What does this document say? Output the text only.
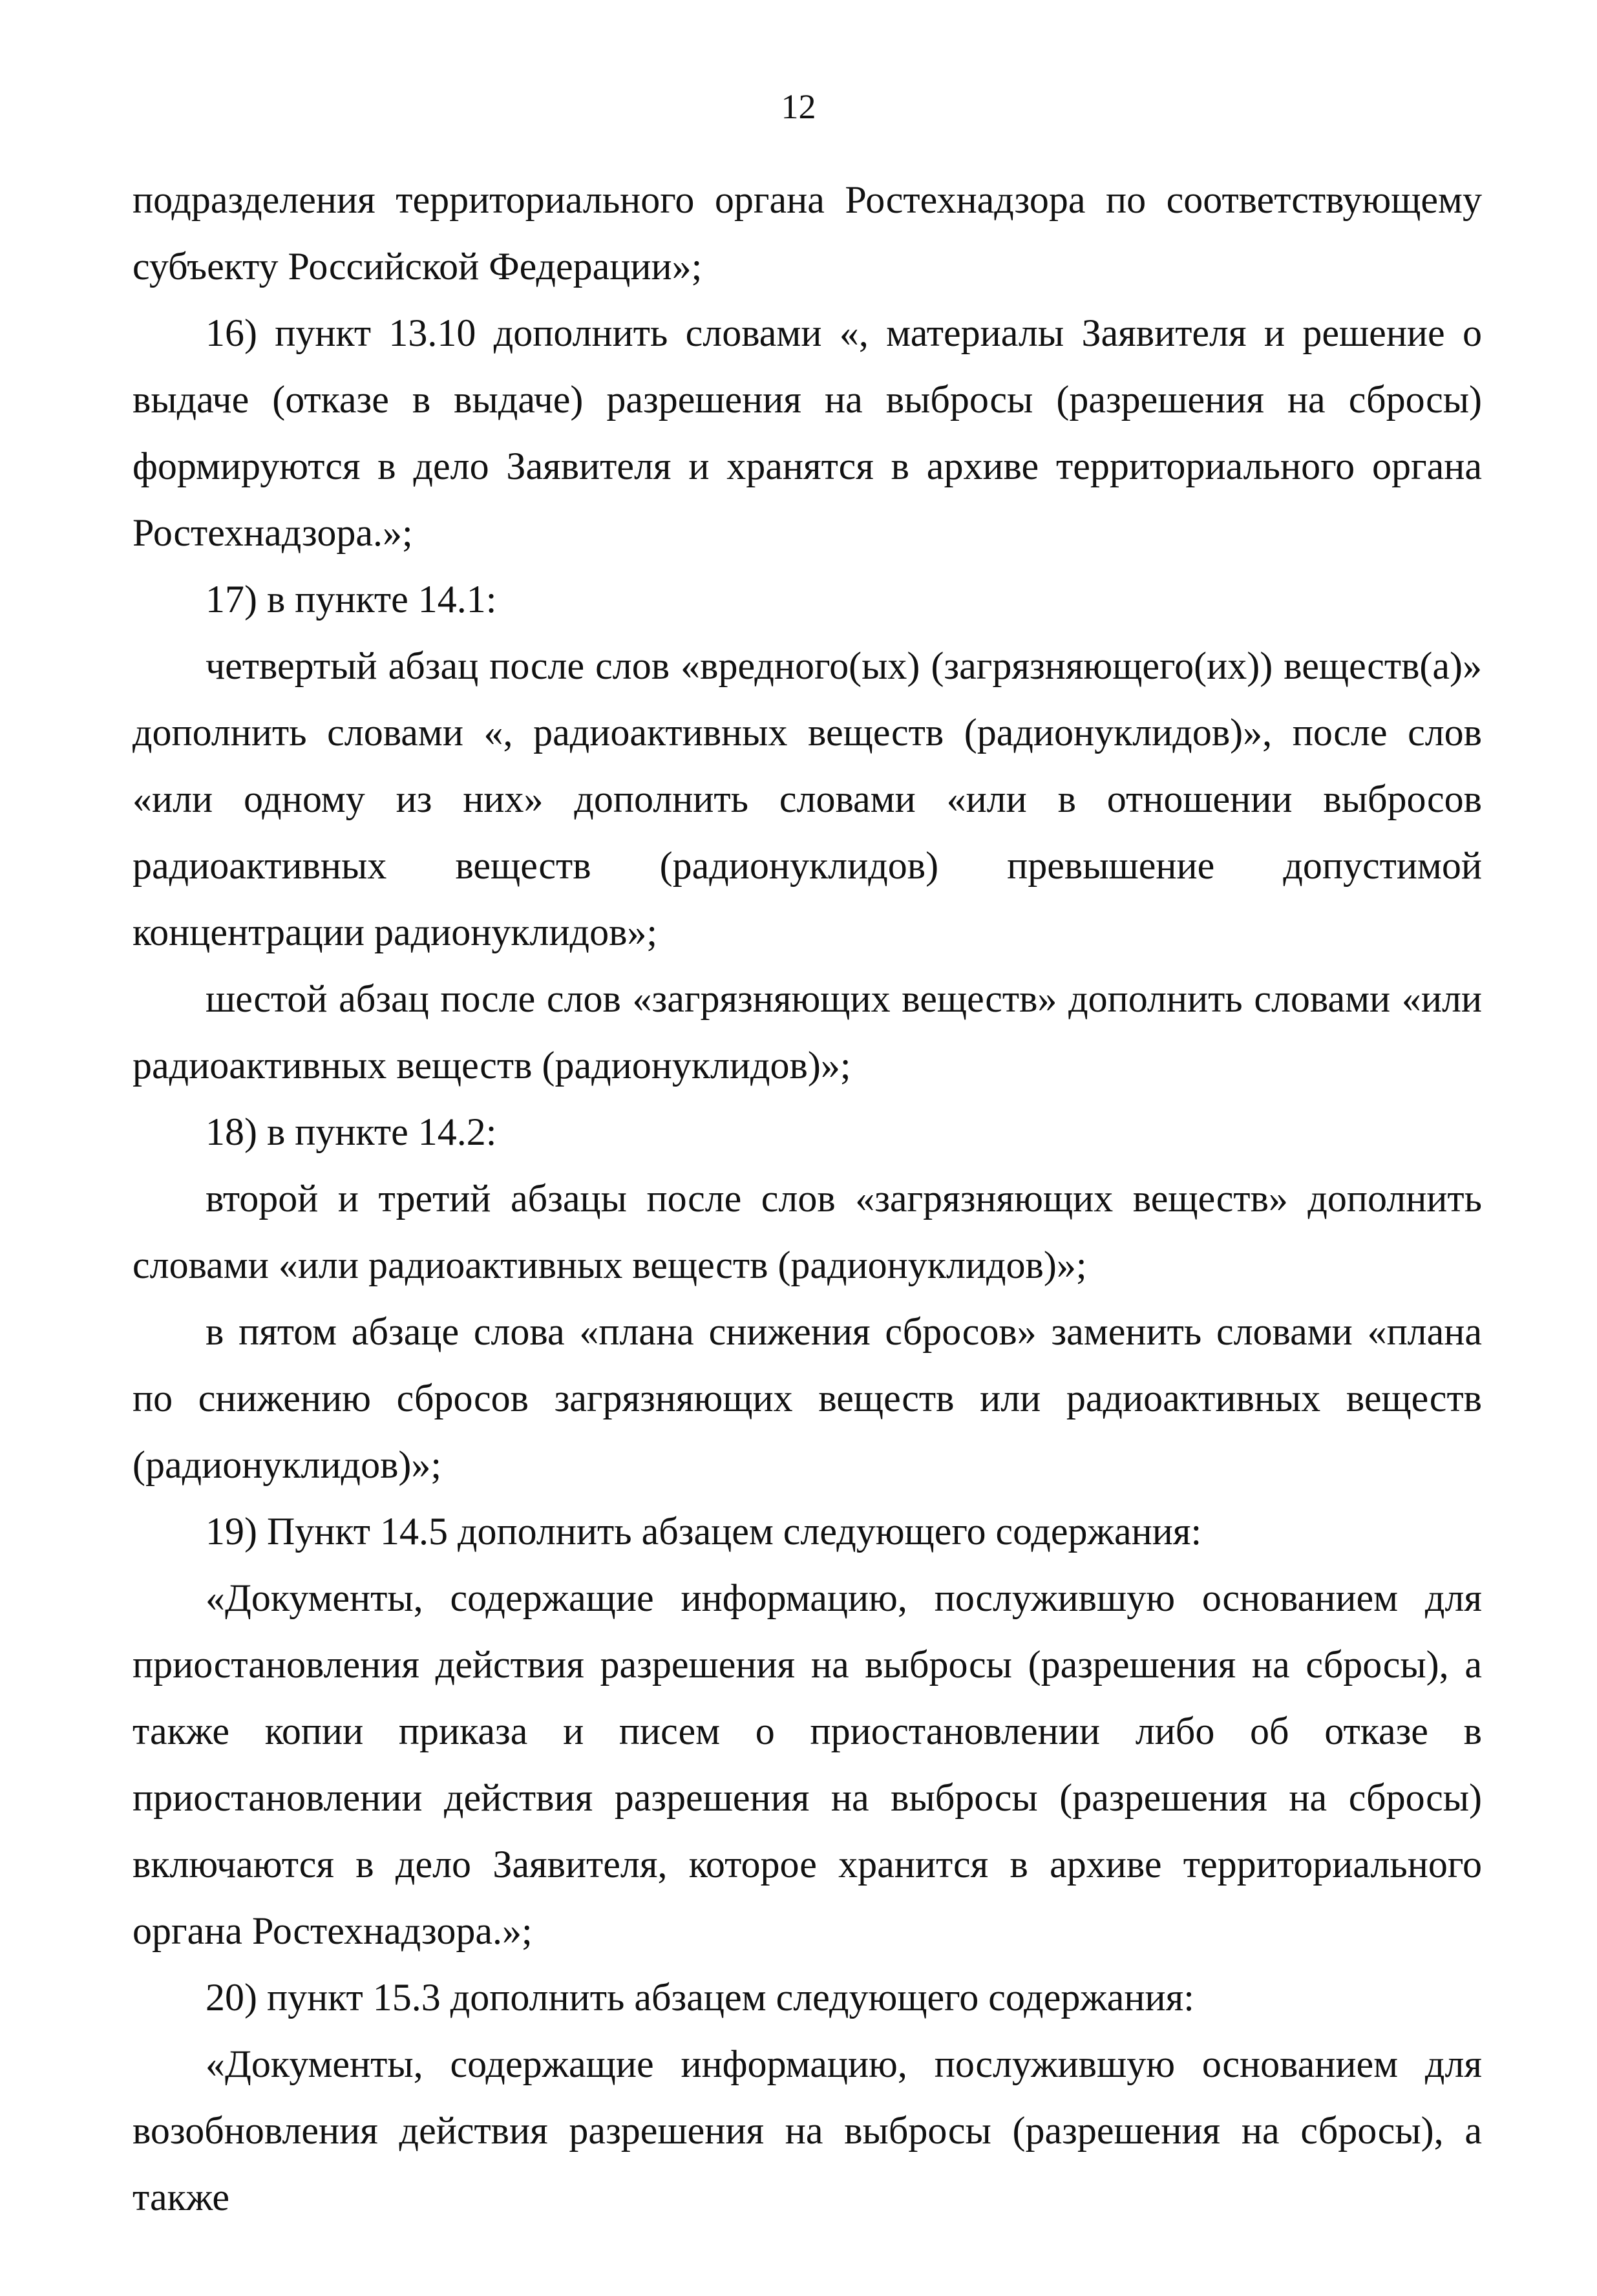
12

подразделения территориального органа Ростехнадзора по соответствующему субъекту Российской Федерации»;

16) пункт 13.10 дополнить словами «, материалы Заявителя и решение о выдаче (отказе в выдаче) разрешения на выбросы (разрешения на сбросы) формируются в дело Заявителя и хранятся в архиве территориального органа Ростехнадзора.»;

17) в пункте 14.1:

четвертый абзац после слов «вредного(ых) (загрязняющего(их)) веществ(а)» дополнить словами «, радиоактивных веществ (радионуклидов)», после слов «или одному из них» дополнить словами «или в отношении выбросов радиоактивных веществ (радионуклидов) превышение допустимой концентрации радионуклидов»;

шестой абзац после слов «загрязняющих веществ» дополнить словами «или радиоактивных веществ (радионуклидов)»;

18) в пункте 14.2:

второй и третий абзацы после слов «загрязняющих веществ» дополнить словами «или радиоактивных веществ (радионуклидов)»;

в пятом абзаце слова «плана снижения сбросов» заменить словами «плана по снижению сбросов загрязняющих веществ или радиоактивных веществ (радионуклидов)»;

19) Пункт 14.5 дополнить абзацем следующего содержания:

«Документы, содержащие информацию, послужившую основанием для приостановления действия разрешения на выбросы (разрешения на сбросы), а также копии приказа и писем о приостановлении либо об отказе в приостановлении действия разрешения на выбросы (разрешения на сбросы) включаются в дело Заявителя, которое хранится в архиве территориального органа Ростехнадзора.»;

20) пункт 15.3 дополнить абзацем следующего содержания:

«Документы, содержащие информацию, послужившую основанием для возобновления действия разрешения на выбросы (разрешения на сбросы), а также
